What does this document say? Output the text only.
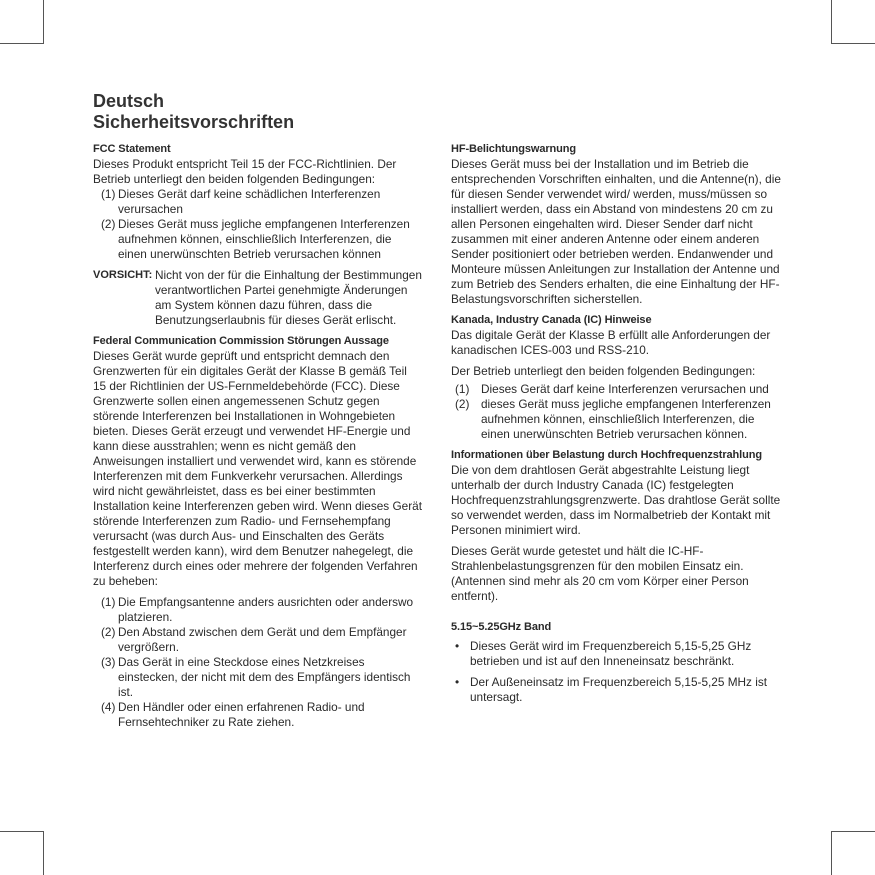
Deutsch
Sicherheitsvorschriften

FCC Statement

Dieses Produkt entspricht Teil 15 der FCC-Richtlinien. Der Betrieb unterliegt den beiden folgenden Bedingungen:

(1) Dieses Gerät darf keine schädlichen Interferenzen verursachen
(2) Dieses Gerät muss jegliche empfangenen Interferenzen aufnehmen können, einschließlich Interferenzen, die einen unerwünschten Betrieb verursachen können
VORSICHT: Nicht von der für die Einhaltung der Bestimmungen verantwortlichen Partei genehmigte Änderungen am System können dazu führen, dass die Benutzungserlaubnis für dieses Gerät erlischt.

Federal Communication Commission Störungen Aussage

Dieses Gerät wurde geprüft und entspricht demnach den Grenzwerten für ein digitales Gerät der Klasse B gemäß Teil 15 der Richtlinien der US-Fernmeldebehörde (FCC). Diese Grenzwerte sollen einen angemessenen Schutz gegen störende Interferenzen bei Installationen in Wohngebieten bieten. Dieses Gerät erzeugt und verwendet HF-Energie und kann diese ausstrahlen; wenn es nicht gemäß den Anweisungen installiert und verwendet wird, kann es störende Interferenzen mit dem Funkverkehr verursachen. Allerdings wird nicht gewährleistet, dass es bei einer bestimmten Installation keine Interferenzen geben wird. Wenn dieses Gerät störende Interferenzen zum Radio- und Fernsehempfang verursacht (was durch Aus- und Einschalten des Geräts festgestellt werden kann), wird dem Benutzer nahegelegt, die Interferenz durch eines oder mehrere der folgenden Verfahren zu beheben:

(1) Die Empfangsantenne anders ausrichten oder anderswo platzieren.
(2) Den Abstand zwischen dem Gerät und dem Empfänger vergrößern.
(3) Das Gerät in eine Steckdose eines Netzkreises einstecken, der nicht mit dem des Empfängers identisch ist.
(4) Den Händler oder einen erfahrenen Radio- und Fernsehtechniker zu Rate ziehen.

HF-Belichtungswarnung

Dieses Gerät muss bei der Installation und im Betrieb die entsprechenden Vorschriften einhalten, und die Antenne(n), die für diesen Sender verwendet wird/ werden, muss/müssen so installiert werden, dass ein Abstand von mindestens 20 cm zu allen Personen eingehalten wird. Dieser Sender darf nicht zusammen mit einer anderen Antenne oder einem anderen Sender positioniert oder betrieben werden. Endanwender und Monteure müssen Anleitungen zur Installation der Antenne und zum Betrieb des Senders erhalten, die eine Einhaltung der HF-Belastungsvorschriften sicherstellen.

Kanada, Industry Canada (IC) Hinweise

Das digitale Gerät der Klasse B erfüllt alle Anforderungen der kanadischen ICES-003 und RSS-210.

Der Betrieb unterliegt den beiden folgenden Bedingungen:

(1) Dieses Gerät darf keine Interferenzen verursachen und
(2) dieses Gerät muss jegliche empfangenen Interferenzen aufnehmen können, einschließlich Interferenzen, die einen unerwünschten Betrieb verursachen können.

Informationen über Belastung durch Hochfrequenzstrahlung

Die von dem drahtlosen Gerät abgestrahlte Leistung liegt unterhalb der durch Industry Canada (IC) festgelegten Hochfrequenzstrahlungsgrenzwerte. Das drahtlose Gerät sollte so verwendet werden, dass im Normalbetrieb der Kontakt mit Personen minimiert wird.

Dieses Gerät wurde getestet und hält die IC-HF-Strahlenbelastungsgrenzen für den mobilen Einsatz ein. (Antennen sind mehr als 20 cm vom Körper einer Person entfernt).

5.15~5.25GHz Band

• Dieses Gerät wird im Frequenzbereich 5,15-5,25 GHz betrieben und ist auf den Inneneinsatz beschränkt.
• Der Außeneinsatz im Frequenzbereich 5,15-5,25 MHz ist untersagt.
